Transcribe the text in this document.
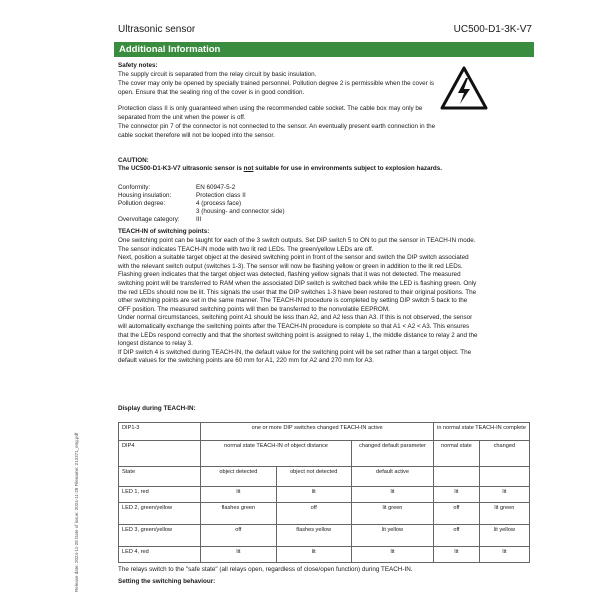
Ultrasonic sensor	UC500-D1-3K-V7
Additional Information
Safety notes:
The supply circuit is separated from the relay circuit by basic insulation.
The cover may only be opened by specially trained personnel. Pollution degree 2 is permissible when the cover is open. Ensure that the sealing ring of the cover is in good condition.
Protection class II is only guaranteed when using the recommended cable socket. The cable box may only be separated from the unit when the power is off.
The connector pin 7 of the connector is not connected to the sensor. An eventually present earth connection in the cable socket therefore will not be looped into the sensor.
CAUTION:
The UC500-D1-K3-V7 ultrasonic sensor is not suitable for use in environments subject to explosion hazards.
Conformity:	EN 60947-5-2
Housing insulation:	Protection class II
Pollution degree:	4 (process face)
3 (housing- and connector side)
Overvoltage category:	III
TEACH-IN of switching points:
One switching point can be taught for each of the 3 switch outputs. Set DIP switch 5 to ON to put the sensor in TEACH-IN mode.
The sensor indicates TEACH-IN mode with two lit red LEDs. The green/yellow LEDs are off.
Next, position a suitable target object at the desired switching point in front of the sensor and switch the DIP switch associated
with the relevant switch output (switches 1-3). The sensor will now be flashing yellow or green in addition to the lit red LEDs.
Flashing green indicates that the target object was detected, flashing yellow signals that it was not detected. The measured
switching point will be transferred to RAM when the associated DIP switch is switched back while the LED is flashing green. Only
the red LEDs should now be lit. This signals the user that the DIP switches 1-3 have been restored to their original positions. The
other switching points are set in the same manner. The TEACH-IN procedure is completed by setting DIP switch 5 back to the
OFF position. The measured switching points will then be transferred to the nonvolatile EEPROM.
Under normal circumstances, switching point A1 should be less than A2, and A2 less than A3. If this is not observed, the sensor
will automatically exchange the switching points after the TEACH-IN procedure is complete so that A1 < A2 < A3. This ensures
that the LEDs respond correctly and that the shortest switching point is assigned to relay 1, the middle distance to relay 2 and the
longest distance to relay 3.
If DIP switch 4 is switched during TEACH-IN, the default value for the switching point will be set rather than a target object. The
default values for the switching points are 60 mm for A1, 220 mm for A2 and 270 mm for A3.
Display during TEACH-IN:
DIP1-3	one or more DIP switches changed TEACH-IN active			in normal state TEACH-IN complete	
DIP4	normal state TEACH-IN of object distance		changed default parameter	normal state	changed
State	object detected	object not detected	default active		
LED 1, red	lit	lit	lit	lit	lit
LED 2, green/yellow	flashes green	off	lit green	off	lit green
LED 3, green/yellow	off	flashes yellow	lit yellow	off	lit yellow
LED 4, red	lit	lit	lit	lit	lit
The relays switch to the "safe state" (all relays open, regardless of close/open function) during TEACH-IN.
Setting the switching behaviour:
Release date: 2024-11-28 Date of issue: 2024-11-28 Filename: 213371_eng.pdf
